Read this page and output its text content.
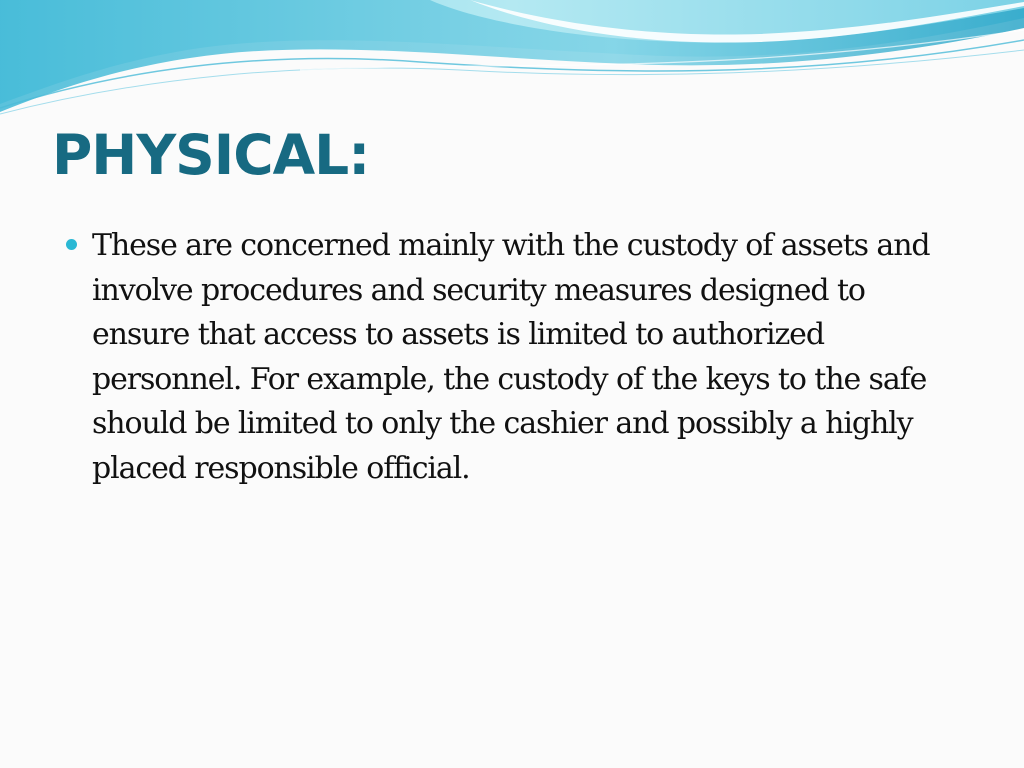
PHYSICAL:
These are concerned mainly with the custody of assets and involve procedures and security measures designed to ensure that access to assets is limited to authorized personnel. For example, the custody of the keys to the safe should be limited to only the cashier and possibly a highly placed responsible official.
